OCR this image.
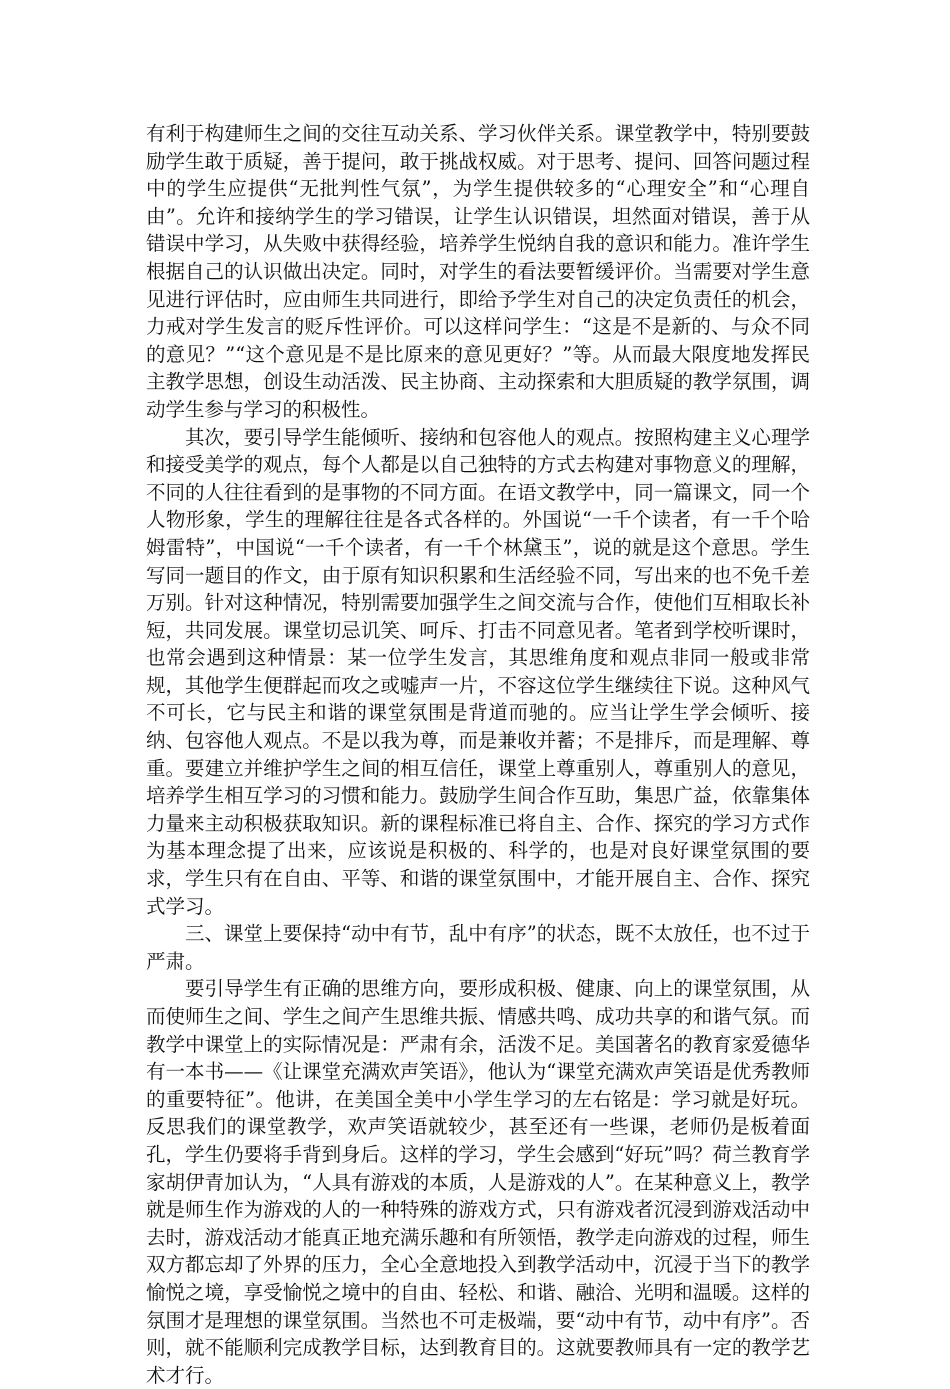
有利于构建师生之间的交往互动关系、学习伙伴关系。课堂教学中，特别要鼓励学生敢于质疑，善于提问，敢于挑战权威。对于思考、提问、回答问题过程中的学生应提供“无批判性气氛”，为学生提供较多的“心理安全”和“心理自由”。允许和接纳学生的学习错误，让学生认识错误，坦然面对错误，善于从错误中学习，从失败中获得经验，培养学生悦纳自我的意识和能力。准许学生根据自己的认识做出决定。同时，对学生的看法要暂缓评价。当需要对学生意见进行评估时，应由师生共同进行，即给予学生对自己的决定负责任的机会，力戒对学生发言的贬斥性评价。可以这样问学生：“这是不是新的、与众不同的意见？”“这个意见是不是比原来的意见更好？”等。从而最大限度地发挥民主教学思想，创设生动活泼、民主协商、主动探索和大胆质疑的教学氛围，调动学生参与学习的积极性。

其次，要引导学生能倾听、接纳和包容他人的观点。按照构建主义心理学和接受美学的观点，每个人都是以自己独特的方式去构建对事物意义的理解，不同的人往往看到的是事物的不同方面。在语文教学中，同一篇课文，同一个人物形象，学生的理解往往是各式各样的。外国说“一千个读者，有一千个哈姆雷特”，中国说“一千个读者，有一千个林黛玉”，说的就是这个意思。学生写同一题目的作文，由于原有知识积累和生活经验不同，写出来的也不免千差万别。针对这种情况，特别需要加强学生之间交流与合作，使他们互相取长补短，共同发展。课堂切忌讥笑、呵斥、打击不同意见者。笔者到学校听课时，也常会遇到这种情景：某一位学生发言，其思维角度和观点非同一般或非常规，其他学生便群起而攻之或嘘声一片，不容这位学生继续往下说。这种风气不可长，它与民主和谐的课堂氛围是背道而驰的。应当让学生学会倾听、接纳、包容他人观点。不是以我为尊，而是兼收并蓄；不是排斥，而是理解、尊重。要建立并维护学生之间的相互信任，课堂上尊重别人，尊重别人的意见，培养学生相互学习的习惯和能力。鼓励学生间合作互助，集思广益，依靠集体力量来主动积极获取知识。新的课程标准已将自主、合作、探究的学习方式作为基本理念提了出来，应该说是积极的、科学的，也是对良好课堂氛围的要求，学生只有在自由、平等、和谐的课堂氛围中，才能开展自主、合作、探究式学习。

三、课堂上要保持“动中有节，乱中有序”的状态，既不太放任，也不过于严肃。

要引导学生有正确的思维方向，要形成积极、健康、向上的课堂氛围，从而使师生之间、学生之间产生思维共振、情感共鸣、成功共享的和谐气氛。而教学中课堂上的实际情况是：严肃有余，活泼不足。美国著名的教育家爱德华有一本书——《让课堂充满欢声笑语》，他认为“课堂充满欢声笑语是优秀教师的重要特征”。他讲，在美国全美中小学生学习的左右铭是：学习就是好玩。反思我们的课堂教学，欢声笑语就较少，甚至还有一些课，老师仍是板着面孔，学生仍要将手背到身后。这样的学习，学生会感到“好玩”吗？荷兰教育学家胡伊青加认为，“人具有游戏的本质，人是游戏的人”。在某种意义上，教学就是师生作为游戏的人的一种特殊的游戏方式，只有游戏者沉浸到游戏活动中去时，游戏活动才能真正地充满乐趣和有所领悟，教学走向游戏的过程，师生双方都忘却了外界的压力，全心全意地投入到教学活动中，沉浸于当下的教学愉悦之境，享受愉悦之境中的自由、轻松、和谐、融洽、光明和温暖。这样的氛围才是理想的课堂氛围。当然也不可走极端，要“动中有节，动中有序”。否则，就不能顺利完成教学目标，达到教育目的。这就要教师具有一定的教学艺术才行。
